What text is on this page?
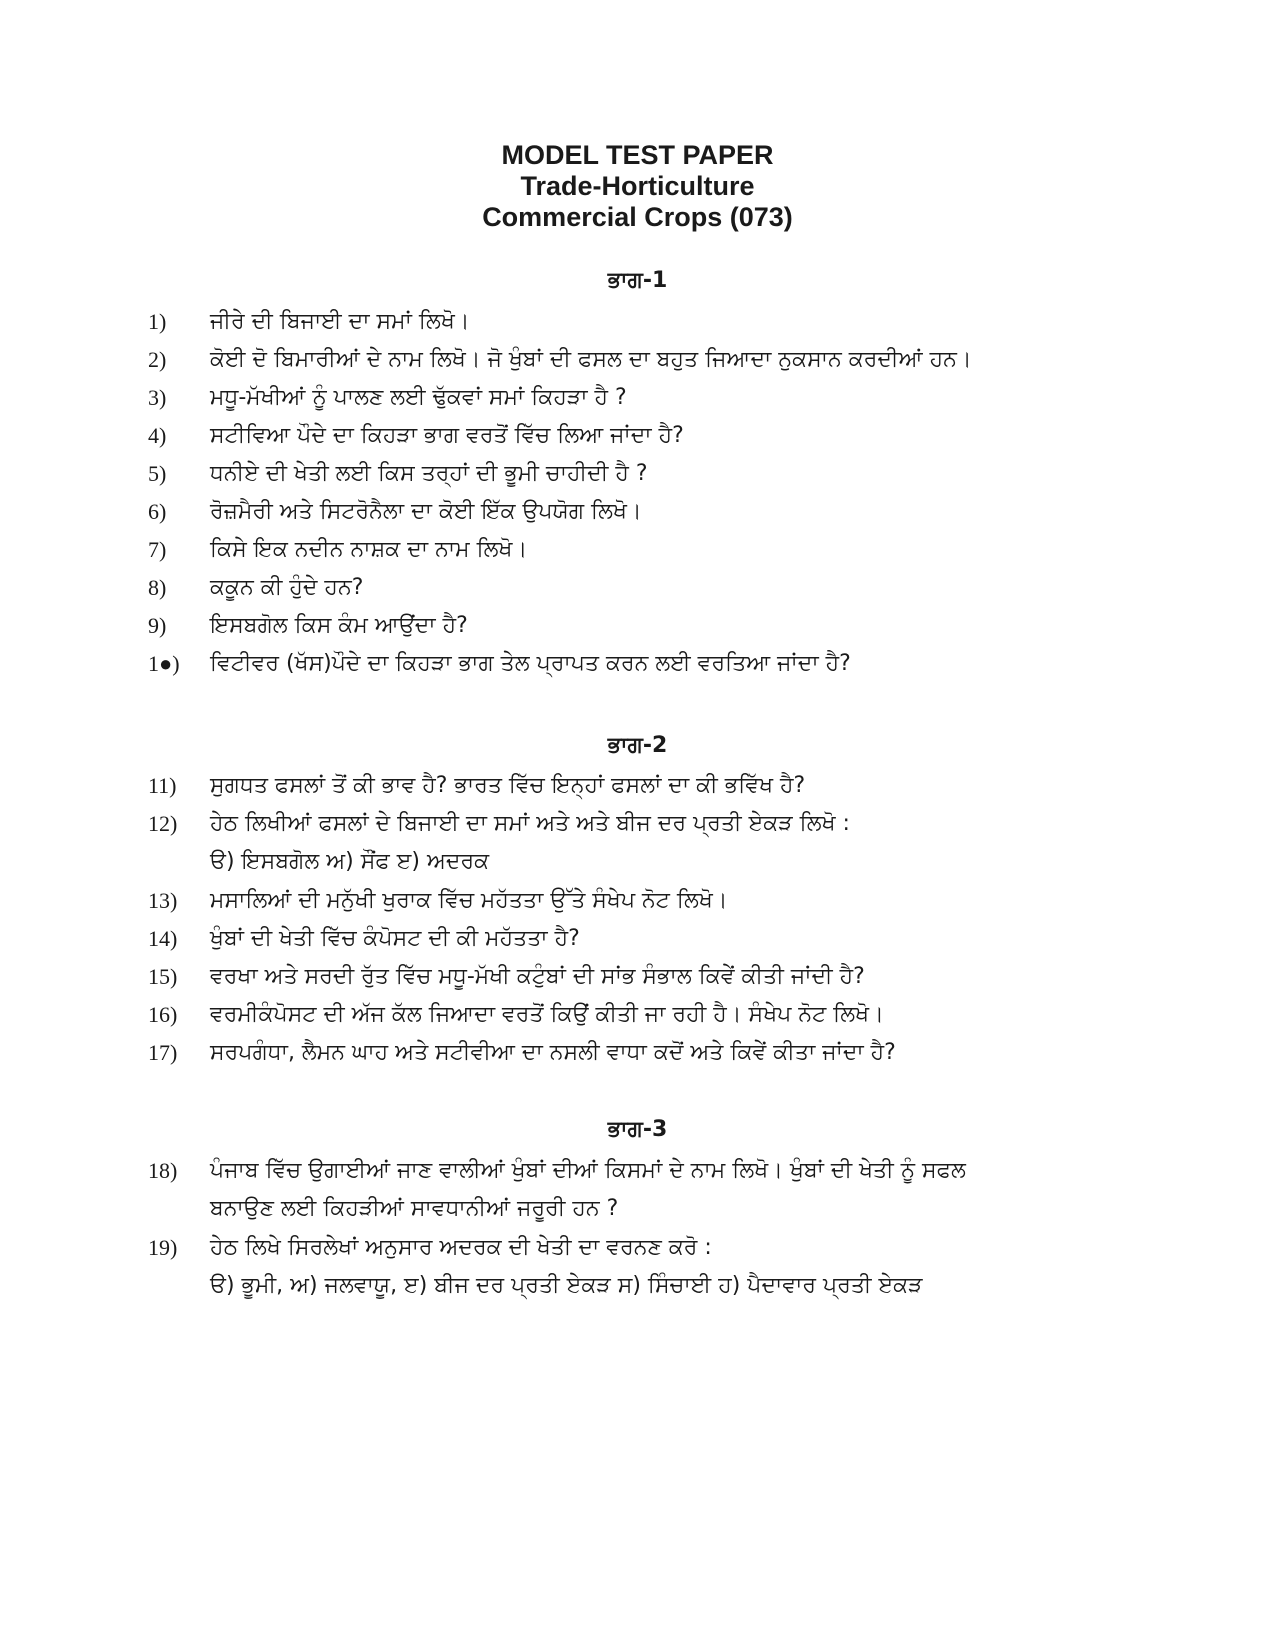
MODEL TEST PAPER
Trade-Horticulture
Commercial Crops (073)
ਭਾਗ-1
1)	ਜੀਰੇ ਦੀ ਬਿਜਾਈ ਦਾ ਸਮਾਂ ਲਿਖੋ।
2)	ਕੋਈ ਦੋ ਬਿਮਾਰੀਆਂ ਦੇ ਨਾਮ ਲਿਖੋ। ਜੋ ਖੁੰਬਾਂ ਦੀ ਫਸਲ ਦਾ ਬਹੁਤ ਜਿਆਦਾ ਨੁਕਸਾਨ ਕਰਦੀਆਂ ਹਨ।
3)	ਮਧੂ-ਮੱਖੀਆਂ ਨੂੰ ਪਾਲਣ ਲਈ ਢੁੱਕਵਾਂ ਸਮਾਂ ਕਿਹੜਾ ਹੈ ?
4)	ਸਟੀਵਿਆ ਪੌਦੇ ਦਾ ਕਿਹੜਾ ਭਾਗ ਵਰਤੋਂ ਵਿੱਚ ਲਿਆ ਜਾਂਦਾ ਹੈ?
5)	ਧਨੀਏ ਦੀ ਖੇਤੀ ਲਈ ਕਿਸ ਤਰ੍ਹਾਂ ਦੀ ਭੂਮੀ ਚਾਹੀਦੀ ਹੈ ?
6)	ਰੋਜ਼ਮੈਰੀ ਅਤੇ ਸਿਟਰੋਨੈਲਾ ਦਾ ਕੋਈ ਇੱਕ ਉਪਯੋਗ ਲਿਖੋ।
7)	ਕਿਸੇ ਇਕ ਨਦੀਨ ਨਾਸ਼ਕ ਦਾ ਨਾਮ ਲਿਖੋ।
8)	ਕਕੂਨ ਕੀ ਹੁੰਦੇ ਹਨ?
9)	ਇਸਬਗੋਲ ਕਿਸ ਕੰਮ ਆਉਂਦਾ ਹੈ?
1●)	ਵਿਟੀਵਰ (ਖੱਸ)ਪੌਦੇ ਦਾ ਕਿਹੜਾ ਭਾਗ ਤੇਲ ਪ੍ਰਾਪਤ ਕਰਨ ਲਈ ਵਰਤਿਆ ਜਾਂਦਾ ਹੈ?
ਭਾਗ-2
11)	ਸੁਗਧਤ ਫਸਲਾਂ ਤੋਂ ਕੀ ਭਾਵ ਹੈ? ਭਾਰਤ ਵਿੱਚ ਇਨ੍ਹਾਂ ਫਸਲਾਂ ਦਾ ਕੀ ਭਵਿੱਖ ਹੈ?
12)	ਹੇਠ ਲਿਖੀਆਂ ਫਸਲਾਂ ਦੇ ਬਿਜਾਈ ਦਾ ਸਮਾਂ ਅਤੇ ਅਤੇ ਬੀਜ ਦਰ ਪ੍ਰਤੀ ਏਕੜ ਲਿਖੋ :
ੳ) ਇਸਬਗੋਲ ਅ) ਸੌਂਫ ੲ) ਅਦਰਕ
13)	ਮਸਾਲਿਆਂ ਦੀ ਮਨੁੱਖੀ ਖੁਰਾਕ ਵਿੱਚ ਮਹੱਤਤਾ ਉੱਤੇ ਸੰਖੇਪ ਨੋਟ ਲਿਖੋ।
14)	ਖੁੰਬਾਂ ਦੀ ਖੇਤੀ ਵਿੱਚ ਕੰਪੋਸਟ ਦੀ ਕੀ ਮਹੱਤਤਾ ਹੈ?
15)	ਵਰਖਾ ਅਤੇ ਸਰਦੀ ਰੁੱਤ ਵਿੱਚ ਮਧੂ-ਮੱਖੀ ਕਟੁੰਬਾਂ ਦੀ ਸਾਂਭ ਸੰਭਾਲ ਕਿਵੇਂ ਕੀਤੀ ਜਾਂਦੀ ਹੈ?
16)	ਵਰਮੀਕੰਪੋਸਟ ਦੀ ਅੱਜ ਕੱਲ ਜਿਆਦਾ ਵਰਤੋਂ ਕਿਉਂ ਕੀਤੀ ਜਾ ਰਹੀ ਹੈ। ਸੰਖੇਪ ਨੋਟ ਲਿਖੋ।
17)	ਸਰਪਗੰਧਾ, ਲੈਮਨ ਘਾਹ ਅਤੇ ਸਟੀਵੀਆ ਦਾ ਨਸਲੀ ਵਾਧਾ ਕਦੋਂ ਅਤੇ ਕਿਵੇਂ ਕੀਤਾ ਜਾਂਦਾ ਹੈ?
ਭਾਗ-3
18)	ਪੰਜਾਬ ਵਿੱਚ ਉਗਾਈਆਂ ਜਾਣ ਵਾਲੀਆਂ ਖੁੰਬਾਂ ਦੀਆਂ ਕਿਸਮਾਂ ਦੇ ਨਾਮ ਲਿਖੋ। ਖੁੰਬਾਂ ਦੀ ਖੇਤੀ ਨੂੰ ਸਫਲ
ਬਨਾਉਣ ਲਈ ਕਿਹੜੀਆਂ ਸਾਵਧਾਨੀਆਂ ਜਰੂਰੀ ਹਨ ?
19)	ਹੇਠ ਲਿਖੇ ਸਿਰਲੇਖਾਂ ਅਨੁਸਾਰ ਅਦਰਕ ਦੀ ਖੇਤੀ ਦਾ ਵਰਨਣ ਕਰੋ :
ੳ) ਭੂਮੀ, ਅ) ਜਲਵਾਯੂ, ੲ) ਬੀਜ ਦਰ ਪ੍ਰਤੀ ਏਕੜ ਸ) ਸਿੰਚਾਈ ਹ) ਪੈਦਾਵਾਰ ਪ੍ਰਤੀ ਏਕੜ
